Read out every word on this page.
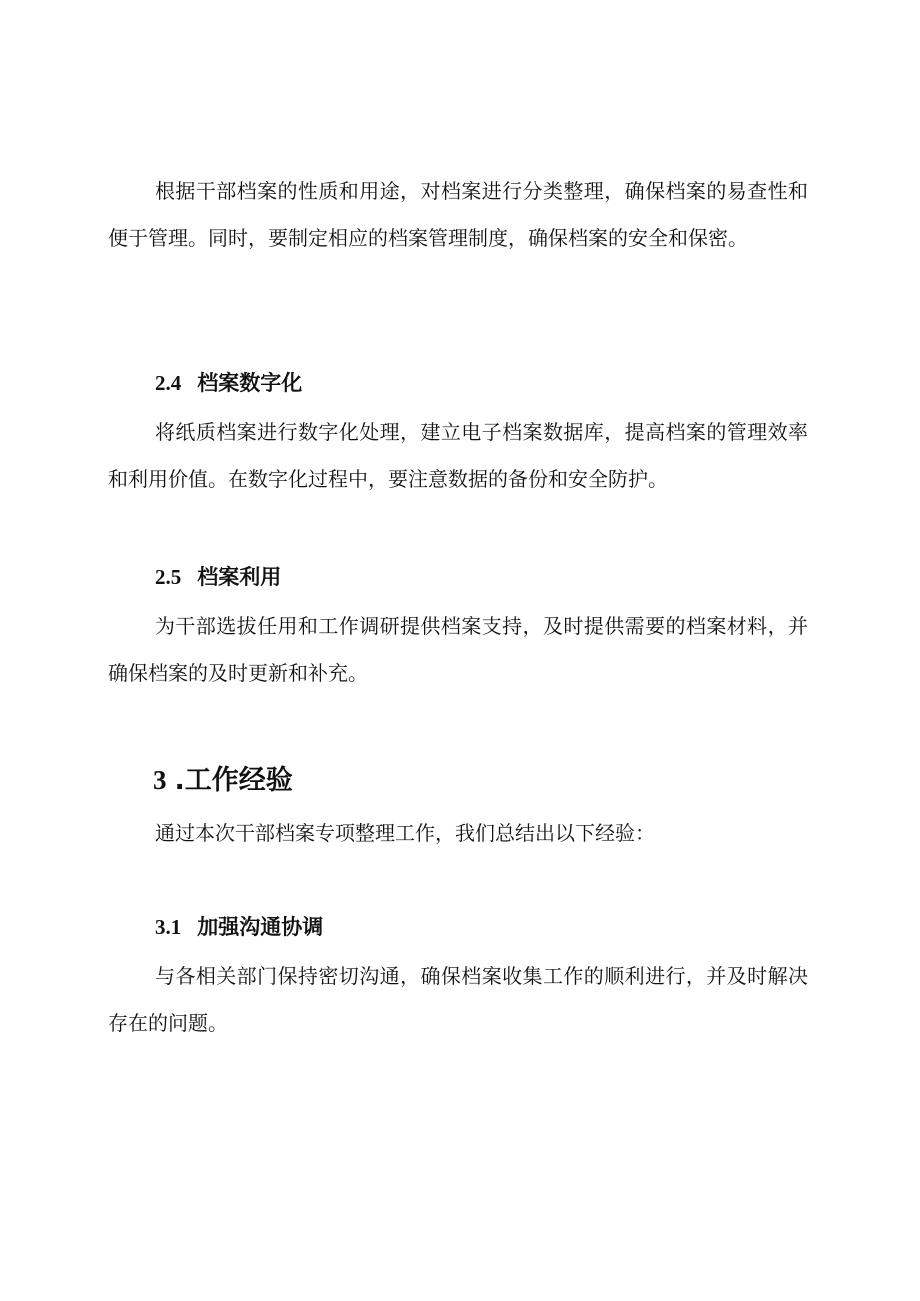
根据干部档案的性质和用途，对档案进行分类整理，确保档案的易查性和便于管理。同时，要制定相应的档案管理制度，确保档案的安全和保密。

2.4 档案数字化

将纸质档案进行数字化处理，建立电子档案数据库，提高档案的管理效率和利用价值。在数字化过程中，要注意数据的备份和安全防护。

2.5 档案利用

为干部选拔任用和工作调研提供档案支持，及时提供需要的档案材料，并确保档案的及时更新和补充。

3 .工作经验

通过本次干部档案专项整理工作，我们总结出以下经验：

3.1 加强沟通协调

与各相关部门保持密切沟通，确保档案收集工作的顺利进行，并及时解决存在的问题。
